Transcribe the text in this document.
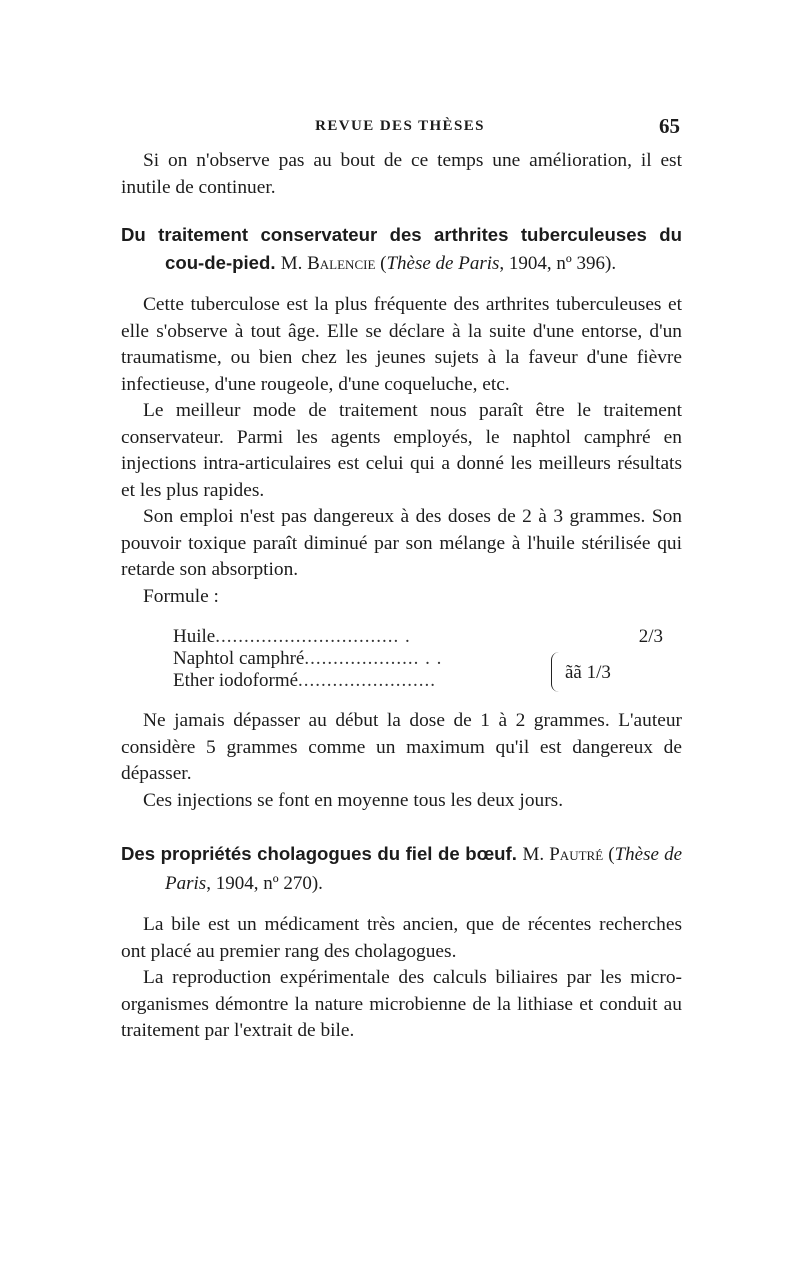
REVUE DES THÈSES	65

Si on n'observe pas au bout de ce temps une amélioration, il est inutile de continuer.

Du traitement conservateur des arthrites tuberculeuses du cou-de-pied. M. Balencie (Thèse de Paris, 1904, nº 396).

Cette tuberculose est la plus fréquente des arthrites tuberculeuses et elle s'observe à tout âge. Elle se déclare à la suite d'une entorse, d'un traumatisme, ou bien chez les jeunes sujets à la faveur d'une fièvre infectieuse, d'une rougeole, d'une coqueluche, etc.

Le meilleur mode de traitement nous paraît être le traitement conservateur. Parmi les agents employés, le naphtol camphré en injections intra-articulaires est celui qui a donné les meilleurs résultats et les plus rapides.

Son emploi n'est pas dangereux à des doses de 2 à 3 grammes. Son pouvoir toxique paraît diminué par son mélange à l'huile stérilisée qui retarde son absorption.

Formule :

Huile................................ .	2/3
Naphtol camphré.................... . .
Ether iodoformé........................	ãã 1/3

Ne jamais dépasser au début la dose de 1 à 2 grammes. L'auteur considère 5 grammes comme un maximum qu'il est dangereux de dépasser.

Ces injections se font en moyenne tous les deux jours.

Des propriétés cholagogues du fiel de bœuf. M. Pautré (Thèse de Paris, 1904, nº 270).

La bile est un médicament très ancien, que de récentes recherches ont placé au premier rang des cholagogues.

La reproduction expérimentale des calculs biliaires par les micro-organismes démontre la nature microbienne de la lithiase et conduit au traitement par l'extrait de bile.
